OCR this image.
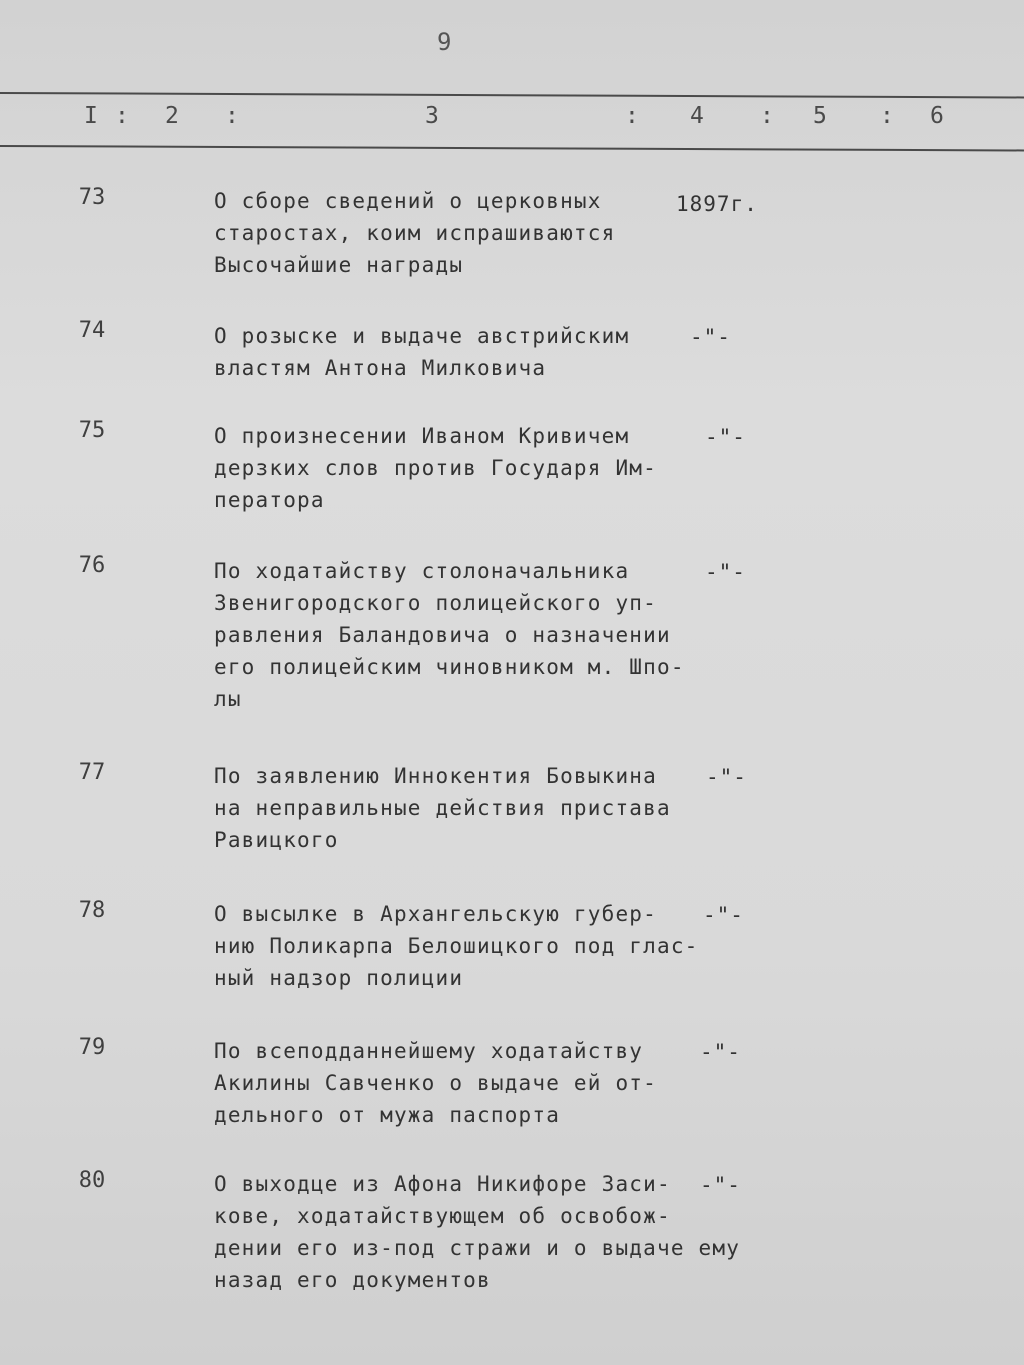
9
I : 2 :	3	: 4 : 5 : 6
73	О сборе сведений о церковных
старостах, коим испрашиваются
Высочайшие награды
1897г.
74	О розыске и выдаче австрийским
властям Антона Милковича
-"-
75	О произнесении Иваном Кривичем
дерзких слов против Государя Им-
ператора
-"-
76	По ходатайству столоначальника
Звенигородского полицейского уп-
равления Баландовича о назначении
его полицейским чиновником м. Шпо-
лы
-"-
77	По заявлению Иннокентия Бовыкина
на неправильные действия пристава
Равицкого
-"-
78	О высылке в Архангельскую губер-
нию Поликарпа Белошицкого под глас-
ный надзор полиции
-"-
79	По всеподданнейшему ходатайству
Акилины Савченко о выдаче ей от-
дельного от мужа паспорта
-"-
80	О выходце из Афона Никифоре Заси-
кове, ходатайствующем об освобож-
дении его из-под стражи и о выдаче ему
назад его документов
-"-
